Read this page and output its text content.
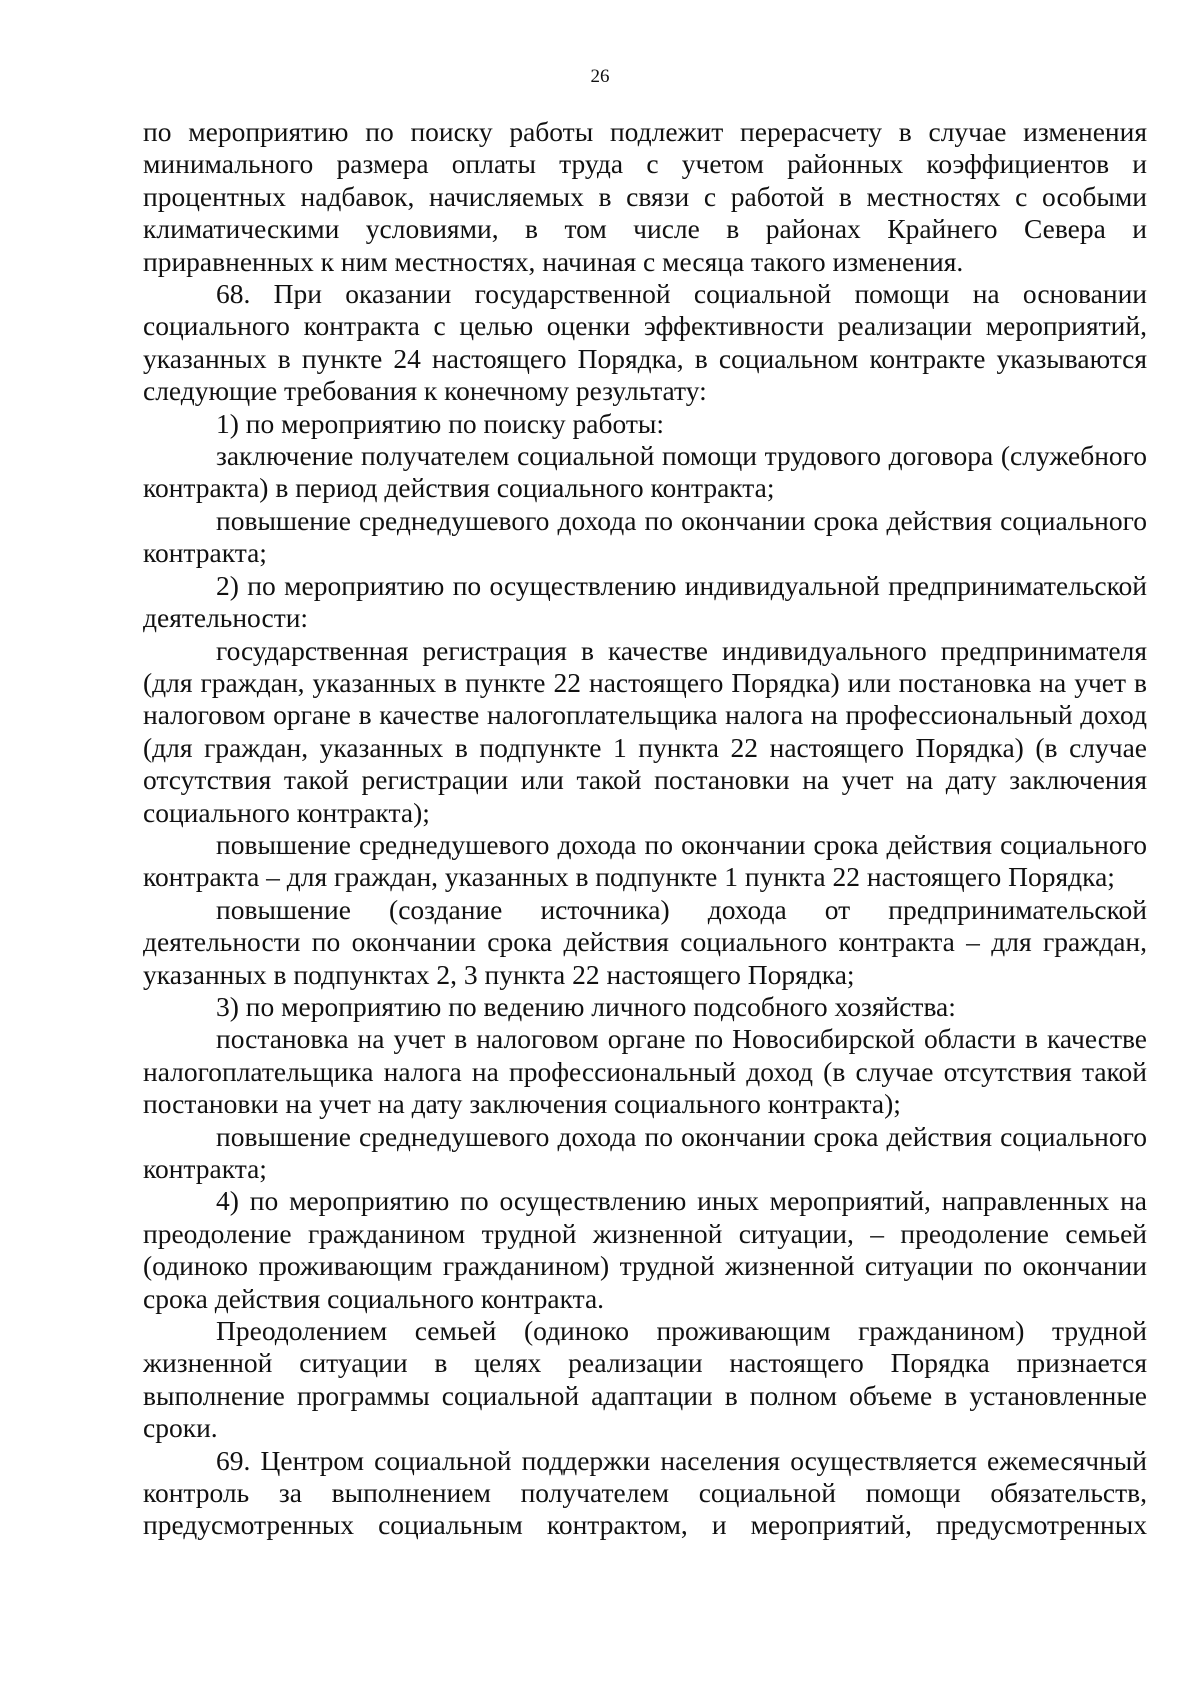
26

по мероприятию по поиску работы подлежит перерасчету в случае изменения минимального размера оплаты труда с учетом районных коэффициентов и процентных надбавок, начисляемых в связи с работой в местностях с особыми климатическими условиями, в том числе в районах Крайнего Севера и приравненных к ним местностях, начиная с месяца такого изменения.

68. При оказании государственной социальной помощи на основании социального контракта с целью оценки эффективности реализации мероприятий, указанных в пункте 24 настоящего Порядка, в социальном контракте указываются следующие требования к конечному результату:

1) по мероприятию по поиску работы:

заключение получателем социальной помощи трудового договора (служебного контракта) в период действия социального контракта;

повышение среднедушевого дохода по окончании срока действия социального контракта;

2) по мероприятию по осуществлению индивидуальной предпринимательской деятельности:

государственная регистрация в качестве индивидуального предпринимателя (для граждан, указанных в пункте 22 настоящего Порядка) или постановка на учет в налоговом органе в качестве налогоплательщика налога на профессиональный доход (для граждан, указанных в подпункте 1 пункта 22 настоящего Порядка) (в случае отсутствия такой регистрации или такой постановки на учет на дату заключения социального контракта);

повышение среднедушевого дохода по окончании срока действия социального контракта – для граждан, указанных в подпункте 1 пункта 22 настоящего Порядка;

повышение (создание источника) дохода от предпринимательской деятельности по окончании срока действия социального контракта – для граждан, указанных в подпунктах 2, 3 пункта 22 настоящего Порядка;

3) по мероприятию по ведению личного подсобного хозяйства:

постановка на учет в налоговом органе по Новосибирской области в качестве налогоплательщика налога на профессиональный доход (в случае отсутствия такой постановки на учет на дату заключения социального контракта);

повышение среднедушевого дохода по окончании срока действия социального контракта;

4) по мероприятию по осуществлению иных мероприятий, направленных на преодоление гражданином трудной жизненной ситуации, – преодоление семьей (одиноко проживающим гражданином) трудной жизненной ситуации по окончании срока действия социального контракта.

Преодолением семьей (одиноко проживающим гражданином) трудной жизненной ситуации в целях реализации настоящего Порядка признается выполнение программы социальной адаптации в полном объеме в установленные сроки.

69. Центром социальной поддержки населения осуществляется ежемесячный контроль за выполнением получателем социальной помощи обязательств, предусмотренных социальным контрактом, и мероприятий, предусмотренных
